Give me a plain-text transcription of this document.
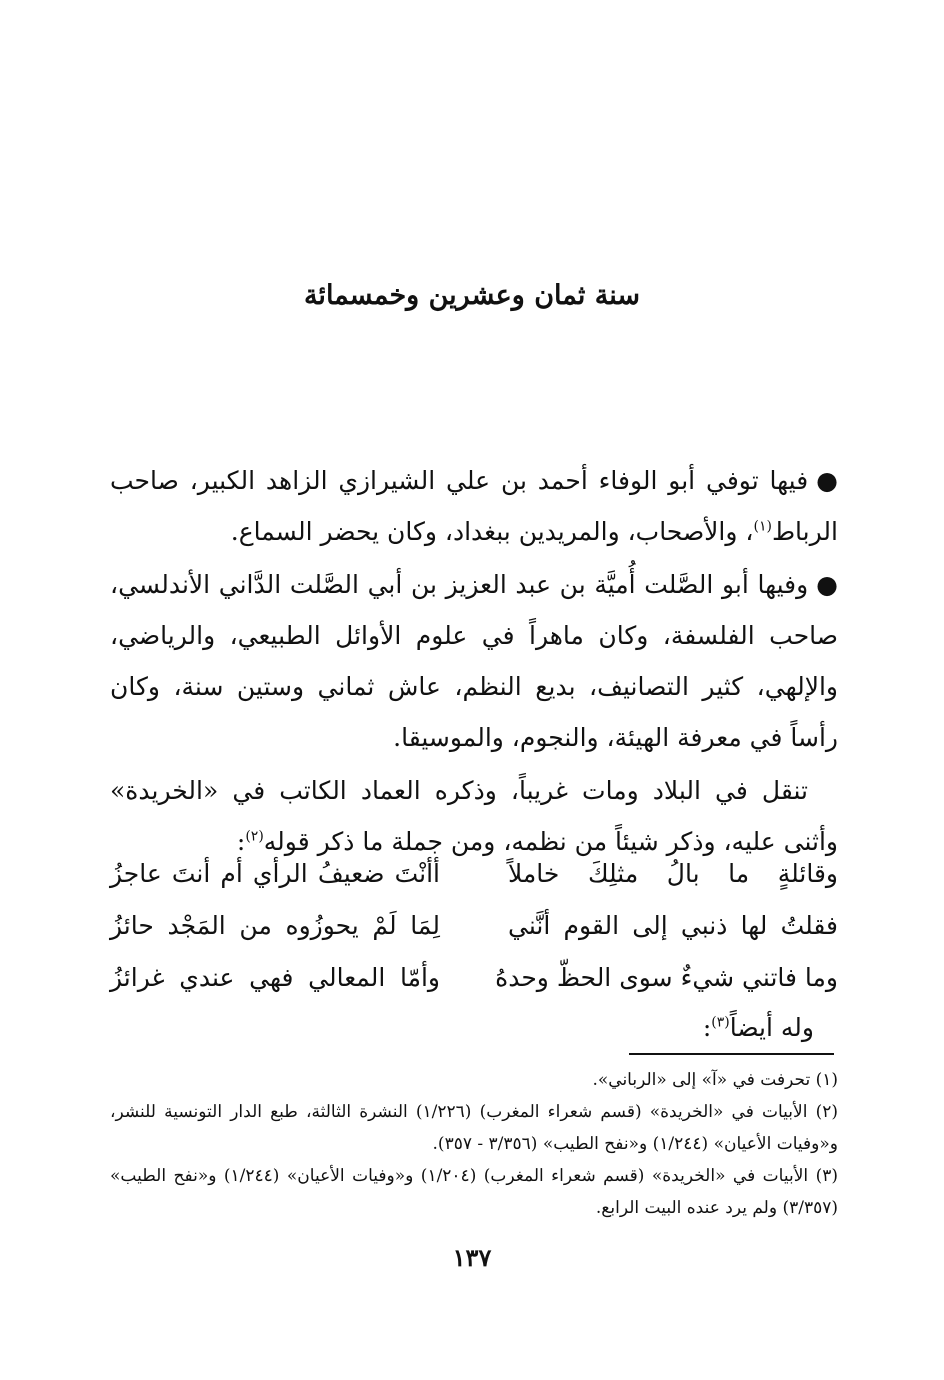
سنة ثمان وعشرين وخمسمائة

●فيها توفي أبو الوفاء أحمد بن علي الشيرازي الزاهد الكبير، صاحب الرباط$^{(١)}$، والأصحاب، والمريدين ببغداد، وكان يحضر السماع.

●وفيها أبو الصَّلت أُميَّة بن عبد العزيز بن أبي الصَّلت الدَّاني الأندلسي، صاحب الفلسفة، وكان ماهراً في علوم الأوائل الطبيعي، والرياضي، والإلهي، كثير التصانيف، بديع النظم، عاش ثماني وستين سنة، وكان رأساً في معرفة الهيئة، والنجوم، والموسيقا.

تنقل في البلاد ومات غريباً، وذكره العماد الكاتب في «الخريدة» وأثنى عليه، وذكر شيئاً من نظمه، ومن جملة ما ذكر قوله$^{(٢)}$:

وقائلةٍ ما بالُ مثلِكَ خاملاً
أأنْتَ ضعيفُ الرأي أم أنتَ عاجزُ
فقلتُ لها ذنبي إلى القوم أنَّني
لِمَا لَمْ يحوزُوه من المَجْد حائزُ
وما فاتني شيءٌ سوى الحظّ وحدهُ
وأمّا المعالي فهي عندي غرائزُ
وله أيضاً$^{(٣)}$:

(١) تحرفت في «آ» إلى «الرباني».

(٢) الأبيات في «الخريدة» (قسم شعراء المغرب) (١/٢٢٦) النشرة الثالثة، طبع الدار التونسية للنشر، و«وفيات الأعيان» (١/٢٤٤) و«نفح الطيب» (٣/٣٥٦ - ٣٥٧).

(٣) الأبيات في «الخريدة» (قسم شعراء المغرب) (١/٢٠٤) و«وفيات الأعيان» (١/٢٤٤) و«نفح الطيب» (٣/٣٥٧) ولم يرد عنده البيت الرابع.

١٣٧
